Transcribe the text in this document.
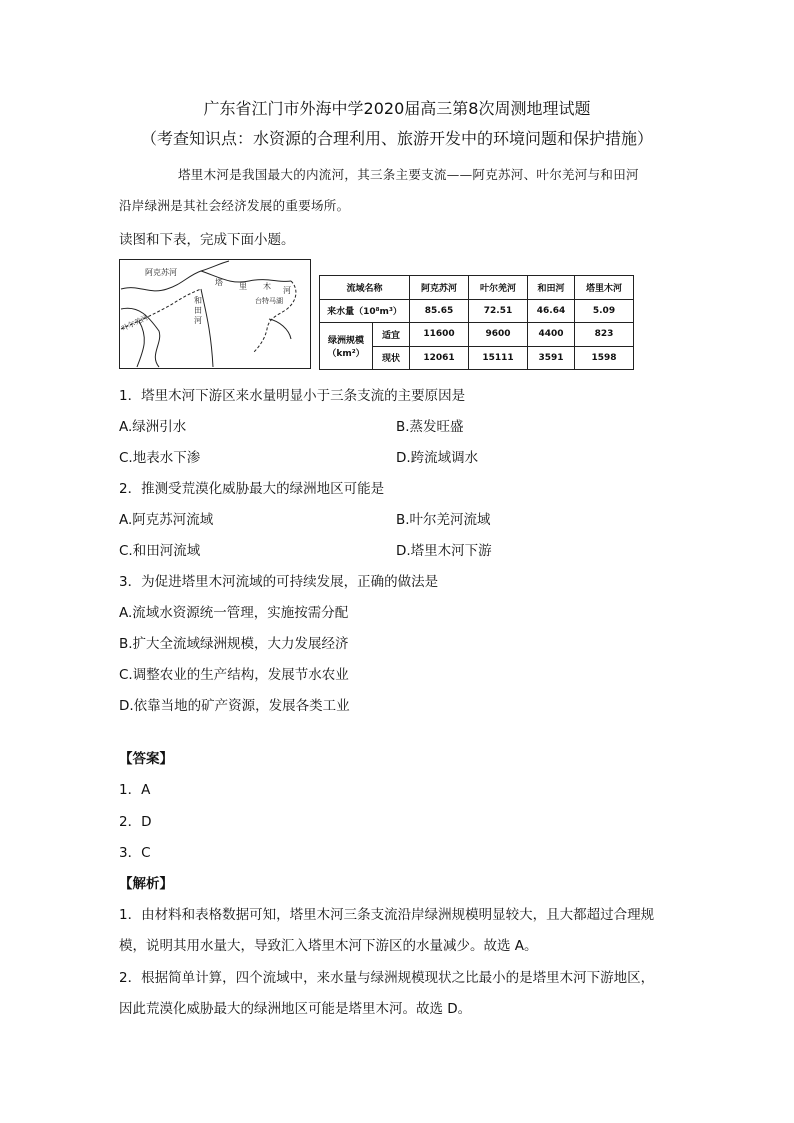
广东省江门市外海中学2020届高三第8次周测地理试题
（考查知识点：水资源的合理利用、旅游开发中的环境问题和保护措施）
塔里木河是我国最大的内流河，其三条主要支流——阿克苏河、叶尔羌河与和田河
沿岸绿洲是其社会经济发展的重要场所。
读图和下表，完成下面小题。
阿克苏河
塔 里 木 河
和
田
河
叶尔羌河
台特马湖
流域名称		阿克苏河	叶尔羌河	和田河	塔里木河
来水量（10⁸m³）		85.65	72.51	46.64	5.09
绿洲规模（km²）	适宜	11600	9600	4400	823
	现状	12061	15111	3591	1598
1．塔里木河下游区来水量明显小于三条支流的主要原因是
A.绿洲引水	B.蒸发旺盛
C.地表水下渗	D.跨流域调水
2．推测受荒漠化威胁最大的绿洲地区可能是
A.阿克苏河流域	B.叶尔羌河流域
C.和田河流域	D.塔里木河下游
3．为促进塔里木河流域的可持续发展，正确的做法是
A.流域水资源统一管理，实施按需分配
B.扩大全流域绿洲规模，大力发展经济
C.调整农业的生产结构，发展节水农业
D.依靠当地的矿产资源，发展各类工业
【答案】
1．A
2．D
3．C
【解析】
1．由材料和表格数据可知，塔里木河三条支流沿岸绿洲规模明显较大，且大都超过合理规
模，说明其用水量大，导致汇入塔里木河下游区的水量减少。故选 A。
2．根据简单计算，四个流域中，来水量与绿洲规模现状之比最小的是塔里木河下游地区，
因此荒漠化威胁最大的绿洲地区可能是塔里木河。故选 D。
